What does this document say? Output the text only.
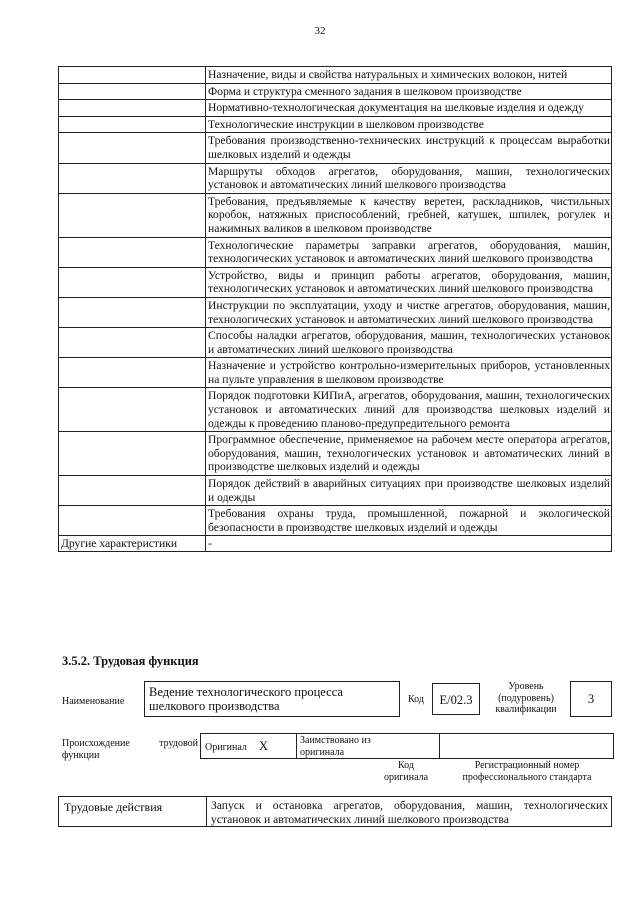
32
Назначение, виды и свойства натуральных и химических волокон, нитей
Форма и структура сменного задания в шелковом производстве
Нормативно-технологическая документация на шелковые изделия и одежду
Технологические инструкции в шелковом производстве
Требования производственно-технических инструкций к процессам выработки шелковых изделий и одежды
Маршруты обходов агрегатов, оборудования, машин, технологических установок и автоматических линий шелкового производства
Требования, предъявляемые к качеству веретен, раскладников, чистильных коробок, натяжных приспособлений, гребней, катушек, шпилек, рогулек и нажимных валиков в шелковом производстве
Технологические параметры заправки агрегатов, оборудования, машин, технологических установок и автоматических линий шелкового производства
Устройство, виды и принцип работы агрегатов, оборудования, машин, технологических установок и автоматических линий шелкового производства
Инструкции по эксплуатации, уходу и чистке агрегатов, оборудования, машин, технологических установок и автоматических линий шелкового производства
Способы наладки агрегатов, оборудования, машин, технологических установок и автоматических линий шелкового производства
Назначение и устройство контрольно-измерительных приборов, установленных на пульте управления в шелковом производстве
Порядок подготовки КИПиА, агрегатов, оборудования, машин, технологических установок и автоматических линий для производства шелковых изделий и одежды к проведению планово-предупредительного ремонта
Программное обеспечение, применяемое на рабочем месте оператора агрегатов, оборудования, машин, технологических установок и автоматических линий в производстве шелковых изделий и одежды
Порядок действий в аварийных ситуациях при производстве шелковых изделий и одежды
Требования охраны труда, промышленной, пожарной и экологической безопасности в производстве шелковых изделий и одежды
Другие характеристики	-
3.5.2. Трудовая функция
Наименование
Ведение технологического процесса шелкового производства	Код	E/02.3
Уровень (подуровень) квалификации
3
Происхождение трудовой функции
Оригинал X	Заимствовано из оригинала
Код оригинала
Регистрационный номер профессионального стандарта
Трудовые действия	Запуск и остановка агрегатов, оборудования, машин, технологических установок и автоматических линий шелкового производства
